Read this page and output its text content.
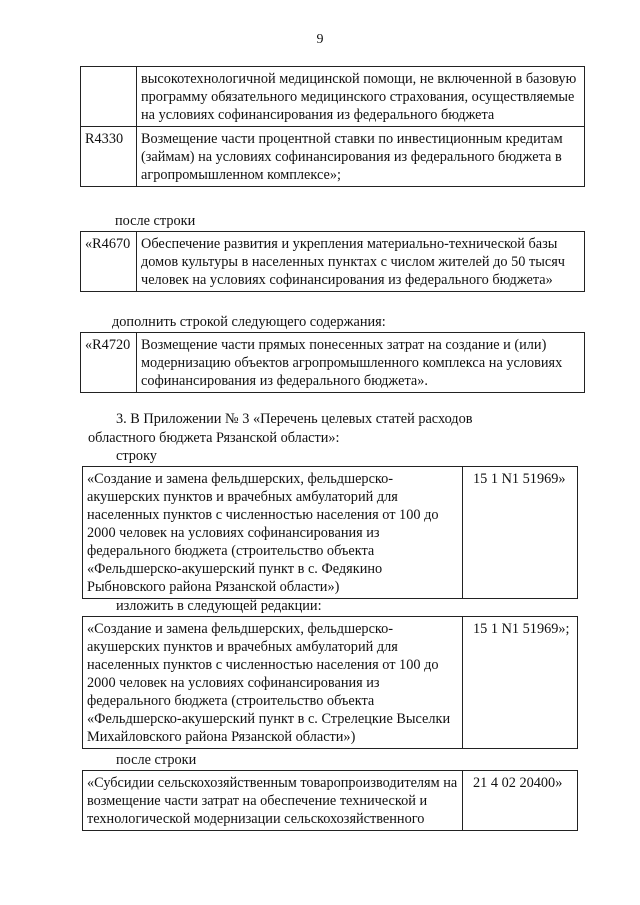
9
	высокотехнологичной медицинской помощи, не включенной в базовую программу обязательного медицинского страхования, осуществляемые на условиях софинансирования из федерального бюджета
R4330	Возмещение части процентной ставки по инвестиционным кредитам (займам) на условиях софинансирования из федерального бюджета в агропромышленном комплексе»;
после строки
«R4670	Обеспечение развития и укрепления материально-технической базы домов культуры в населенных пунктах с числом жителей до 50 тысяч человек на условиях софинансирования из федерального бюджета»
дополнить строкой следующего содержания:
«R4720	Возмещение части прямых понесенных затрат на создание и (или) модернизацию объектов агропромышленного комплекса на условиях софинансирования из федерального бюджета».
3. В Приложении № 3 «Перечень целевых статей расходов
областного бюджета Рязанской области»:
строку
«Создание и замена фельдшерских, фельдшерско-акушерских пунктов и врачебных амбулаторий для населенных пунктов с численностью населения от 100 до 2000 человек на условиях софинансирования из федерального бюджета (строительство объекта «Фельдшерско-акушерский пункт в с. Федякино Рыбновского района Рязанской области»)	15 1 N1 51969»
изложить в следующей редакции:
«Создание и замена фельдшерских, фельдшерско-акушерских пунктов и врачебных амбулаторий для населенных пунктов с численностью населения от 100 до 2000 человек на условиях софинансирования из федерального бюджета (строительство объекта «Фельдшерско-акушерский пункт в с. Стрелецкие Выселки Михайловского района Рязанской области»)	15 1 N1 51969»;
после строки
«Субсидии сельскохозяйственным товаропроизводителям на возмещение части затрат на обеспечение технической и технологической модернизации сельскохозяйственного	21 4 02 20400»
